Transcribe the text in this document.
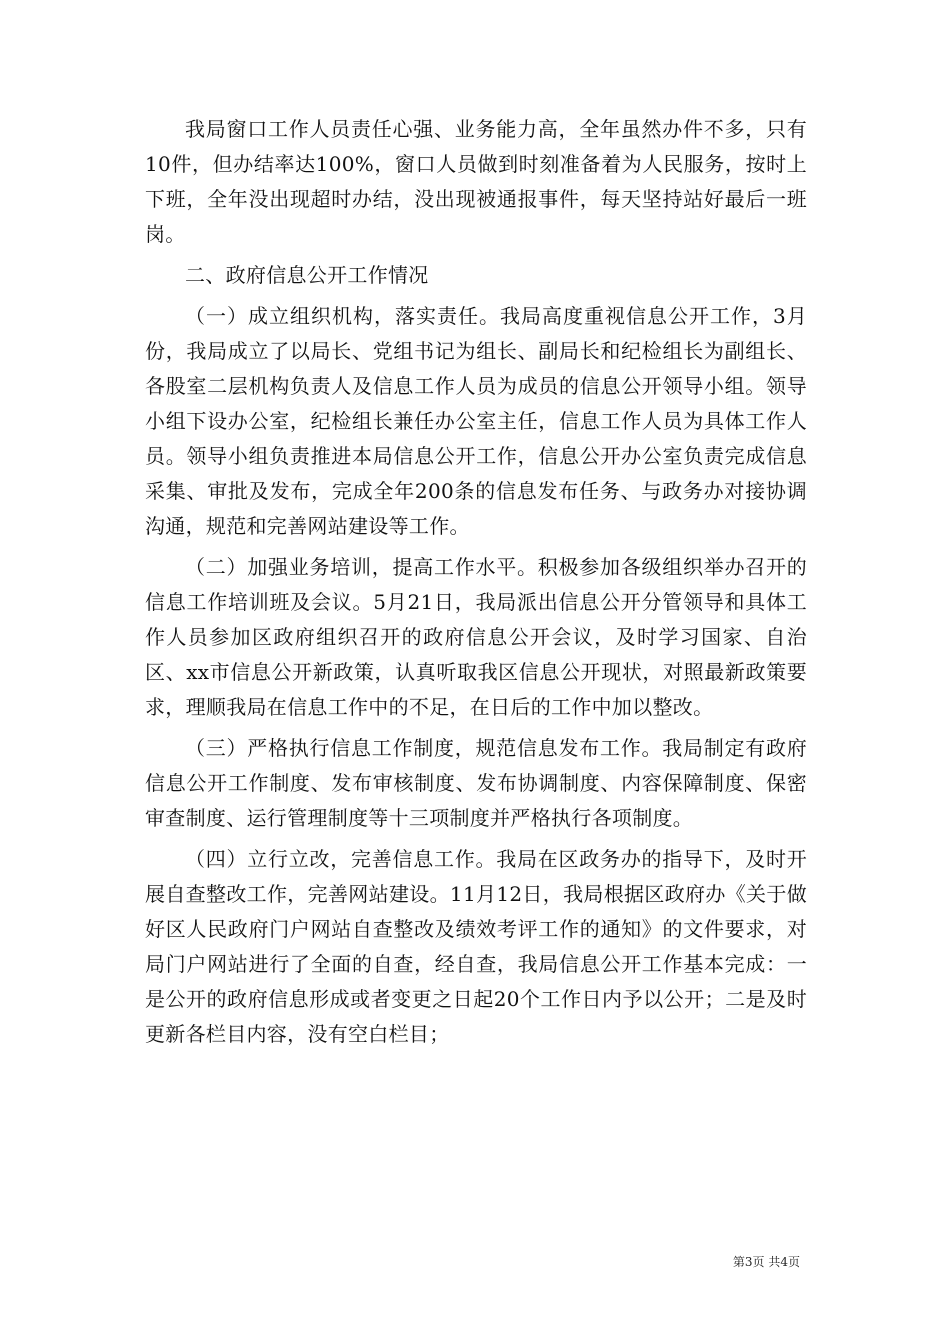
我局窗口工作人员责任心强、业务能力高，全年虽然办件不多，只有10件，但办结率达100%，窗口人员做到时刻准备着为人民服务，按时上下班，全年没出现超时办结，没出现被通报事件，每天坚持站好最后一班岗。

二、政府信息公开工作情况

（一）成立组织机构，落实责任。我局高度重视信息公开工作，3月份，我局成立了以局长、党组书记为组长、副局长和纪检组长为副组长、各股室二层机构负责人及信息工作人员为成员的信息公开领导小组。领导小组下设办公室，纪检组长兼任办公室主任，信息工作人员为具体工作人员。领导小组负责推进本局信息公开工作，信息公开办公室负责完成信息采集、审批及发布，完成全年200条的信息发布任务、与政务办对接协调沟通，规范和完善网站建设等工作。

（二）加强业务培训，提高工作水平。积极参加各级组织举办召开的信息工作培训班及会议。5月21日，我局派出信息公开分管领导和具体工作人员参加区政府组织召开的政府信息公开会议，及时学习国家、自治区、xx市信息公开新政策，认真听取我区信息公开现状，对照最新政策要求，理顺我局在信息工作中的不足，在日后的工作中加以整改。

（三）严格执行信息工作制度，规范信息发布工作。我局制定有政府信息公开工作制度、发布审核制度、发布协调制度、内容保障制度、保密审查制度、运行管理制度等十三项制度并严格执行各项制度。

（四）立行立改，完善信息工作。我局在区政务办的指导下，及时开展自查整改工作，完善网站建设。11月12日，我局根据区政府办《关于做好区人民政府门户网站自查整改及绩效考评工作的通知》的文件要求，对局门户网站进行了全面的自查，经自查，我局信息公开工作基本完成：一是公开的政府信息形成或者变更之日起20个工作日内予以公开；二是及时更新各栏目内容，没有空白栏目；

第3页 共4页
